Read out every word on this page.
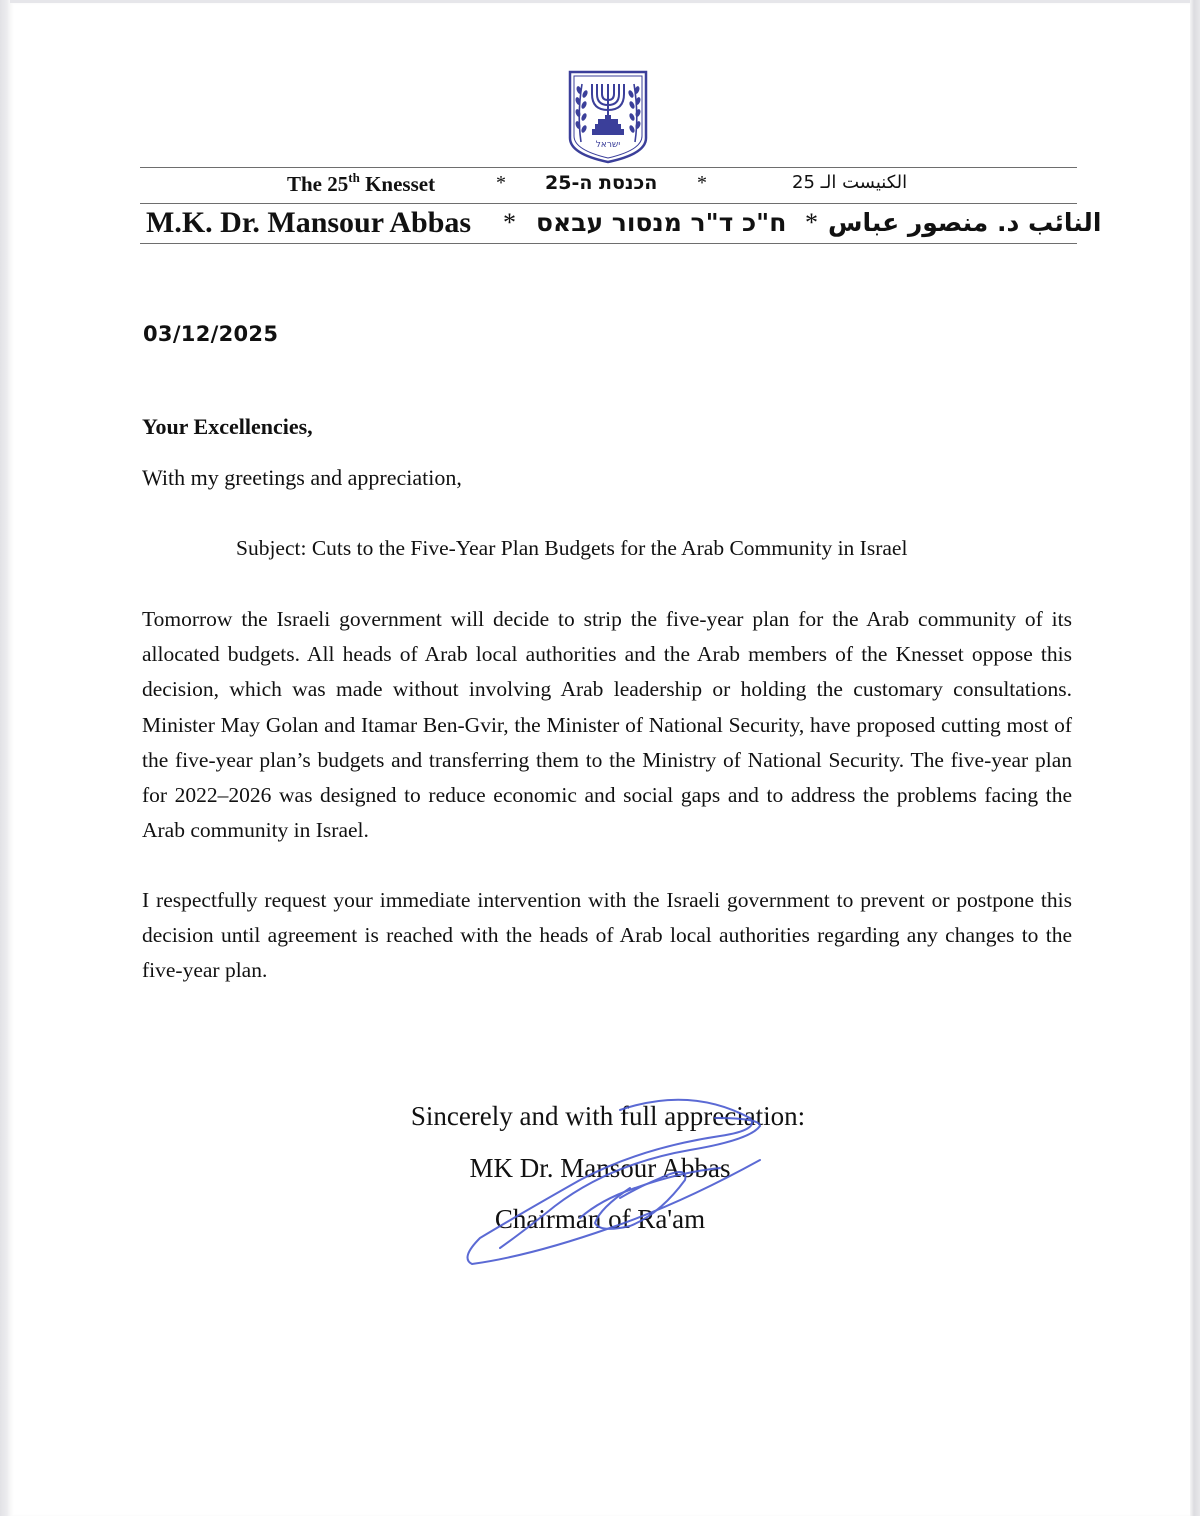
ישראל
The 25th Knesset	* הכנסת ה-25 *	الكنيست الـ 25
M.K. Dr. Mansour Abbas * ח"כ ד"ר מנסור עבאס * النائب د. منصور عباس
03/12/2025
Your Excellencies,
With my greetings and appreciation,
Subject: Cuts to the Five-Year Plan Budgets for the Arab Community in Israel
Tomorrow the Israeli government will decide to strip the five-year plan for the Arab community of its allocated budgets. All heads of Arab local authorities and the Arab members of the Knesset oppose this decision, which was made without involving Arab leadership or holding the customary consultations. Minister May Golan and Itamar Ben-Gvir, the Minister of National Security, have proposed cutting most of the five-year plan’s budgets and transferring them to the Ministry of National Security. The five-year plan for 2022–2026 was designed to reduce economic and social gaps and to address the problems facing the Arab community in Israel.
I respectfully request your immediate intervention with the Israeli government to prevent or postpone this decision until agreement is reached with the heads of Arab local authorities regarding any changes to the five-year plan.
Sincerely and with full appreciation:
MK Dr. Mansour Abbas
Chairman of Ra'am
